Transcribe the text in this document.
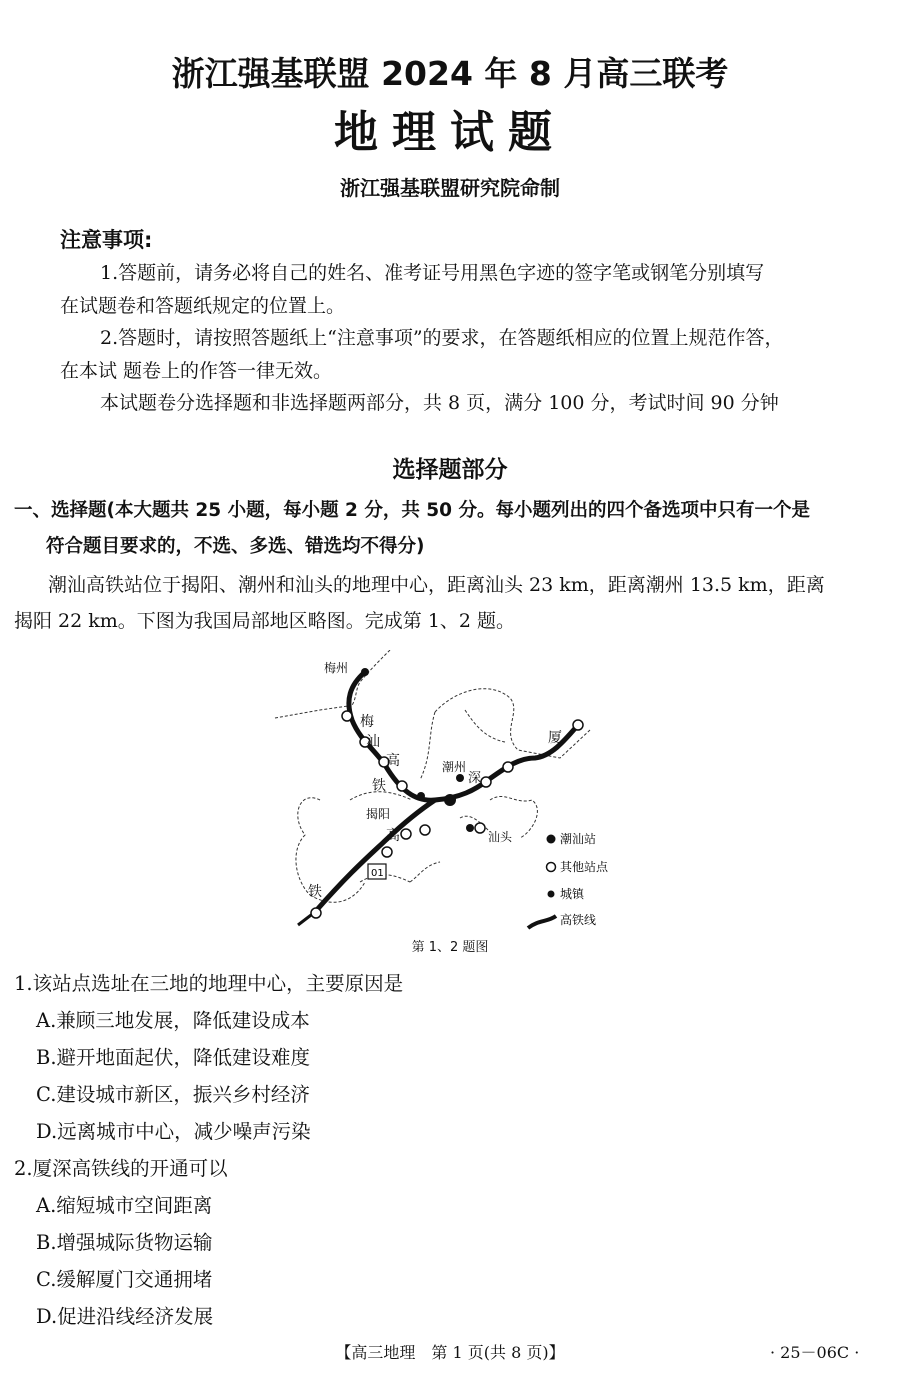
浙江强基联盟 2024 年 8 月高三联考
地理试题
浙江强基联盟研究院命制
注意事项:
1.答题前，请务必将自己的姓名、准考证号用黑色字迹的签字笔或钢笔分别填写
在试题卷和答题纸规定的位置上。
2.答题时，请按照答题纸上“注意事项”的要求，在答题纸相应的位置上规范作答，
在本试 题卷上的作答一律无效。
本试题卷分选择题和非选择题两部分，共 8 页，满分 100 分，考试时间 90 分钟
选择题部分
一、选择题(本大题共 25 小题，每小题 2 分，共 50 分。每小题列出的四个备选项中只有一个是
符合题目要求的，不选、多选、错选均不得分)
潮汕高铁站位于揭阳、潮州和汕头的地理中心，距离汕头 23 km，距离潮州 13.5 km，距离
揭阳 22 km。下图为我国局部地区略图。完成第 1、2 题。
01
梅州
梅
汕
高
铁
揭阳
潮州
深
厦
高
铁
汕头	潮汕站
其他站点
城镇
高铁线
第 1、2 题图
1.该站点选址在三地的地理中心，主要原因是
A.兼顾三地发展，降低建设成本
B.避开地面起伏，降低建设难度
C.建设城市新区，振兴乡村经济
D.远离城市中心，减少噪声污染
2.厦深高铁线的开通可以
A.缩短城市空间距离
B.增强城际货物运输
C.缓解厦门交通拥堵
D.促进沿线经济发展
【高三地理　第 1 页(共 8 页)】	· 25－06C ·
